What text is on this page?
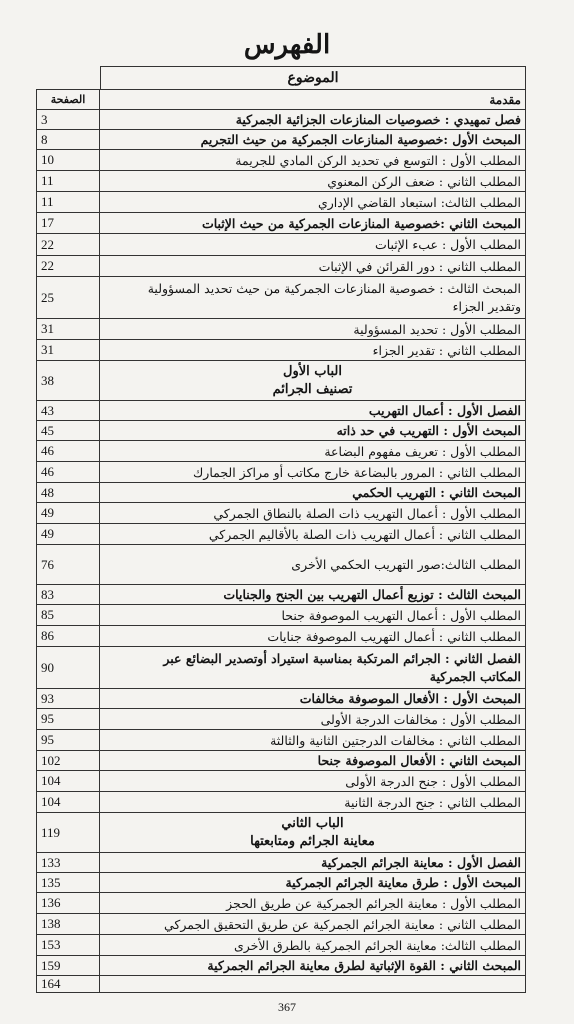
الفهرس
الموضوع
مقدمة	الصفحة

فصل تمهيدي : خصوصيات المنازعات الجزائية الجمركية	3

المبحث الأول :خصوصية المنازعات الجمركية من حيث التجريم	8

المطلب الأول : التوسع في تحديد الركن المادي للجريمة	10

المطلب الثاني : ضعف الركن المعنوي	11

المطلب الثالث: استبعاد القاضي الإداري	11

المبحث الثاني :خصوصية المنازعات الجمركية من حيث الإثبات	17

المطلب الأول : عبء الإثبات	22

المطلب الثاني : دور القرائن في الإثبات	22

المبحث الثالث : خصوصية المنازعات الجمركية من حيث تحديد المسؤولية
وتقدير الجزاء	25

المطلب الأول : تحديد المسؤولية	31

المطلب الثاني : تقدير الجزاء	31

الباب الأول
تصنيف الجرائم	38

الفصل الأول : أعمال التهريب	43

المبحث الأول : التهريب في حد ذاته	45

المطلب الأول : تعريف مفهوم البضاعة	46

المطلب الثاني : المرور بالبضاعة خارج مكاتب أو مراكز الجمارك	46

المبحث الثاني : التهريب الحكمي	48

المطلب الأول : أعمال التهريب ذات الصلة بالنطاق الجمركي	49

المطلب الثاني : أعمال التهريب ذات الصلة بالأقاليم الجمركي	49

المطلب الثالث:صور التهريب الحكمي الأخرى	76

المبحث الثالث : توزيع أعمال التهريب بين الجنح والجنايات	83

المطلب الأول : أعمال التهريب الموصوفة جنحا	85

المطلب الثاني : أعمال التهريب الموصوفة جنايات	86

الفصل الثاني : الجرائم المرتكبة بمناسبة استيراد أوتصدير البضائع عبر
المكاتب الجمركية	90

المبحث الأول : الأفعال الموصوفة مخالفات	93

المطلب الأول : مخالفات الدرجة الأولى	95

المطلب الثاني : مخالفات الدرجتين الثانية والثالثة	95

المبحث الثاني : الأفعال الموصوفة جنحا	102

المطلب الأول : جنح الدرجة الأولى	104

المطلب الثاني : جنح الدرجة الثانية	104

الباب الثاني
معاينة الجرائم ومتابعتها	119

الفصل الأول : معاينة الجرائم الجمركية	133

المبحث الأول : طرق معاينة الجرائم الجمركية	135

المطلب الأول : معاينة الجرائم الجمركية عن طريق الحجز	136

المطلب الثاني : معاينة الجرائم الجمركية عن طريق التحقيق الجمركي	138

المطلب الثالث: معاينة الجرائم الجمركية بالطرق الأخرى	153

المبحث الثاني : القوة الإثباتية لطرق معاينة الجرائم الجمركية	159

	164
367
